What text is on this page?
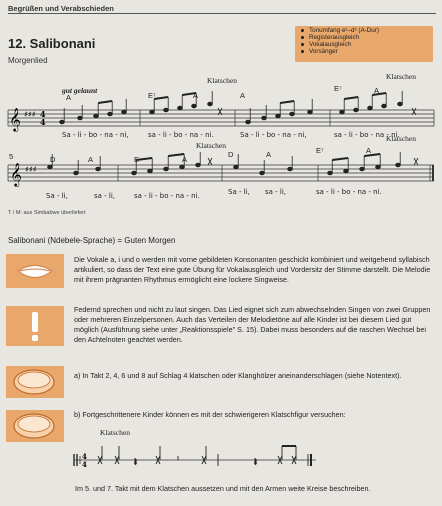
Begrüßen und Verabschieden
12. Salibonani
Morgenlied
Tonumfang e¹–d² (A-Dur)
Registerausgleich
Vokalausgleich
Vorsänger
𝄞 ♯♯♯ 4
4
𝄞 ♯♯♯
gut gelaunt
Klatschen	Klatschen
Klatschen
Klatschen
A	E⁷	A	A
E⁷	A
Sa - li - bo - na - ni,	sa - li - bo - na - ni.	Sa - li - bo - na - ni,	sa - li - bo - na - ni.
5	D	A	E	A
D	A	E⁷	A
Sa - li,	sa - li,	sa - li - bo - na - ni.	Sa - li, sa - li,	sa - li - bo - na - ni.
T / M: aus Simbabwe überliefert
Salibonani (Ndebele-Sprache) = Guten Morgen
Die Vokale a, i und o werden mit vorne gebildeten Konsonanten geschickt kombiniert und weitgehend syllabisch artikuliert, so dass der Text eine gute Übung für Vokalausgleich und Vordersitz der Stimme darstellt. Die Melodie mit ihrem prägnanten Rhythmus ermöglicht eine lockere Singweise.
Federnd sprechen und nicht zu laut singen. Das Lied eignet sich zum abwechselnden Singen von zwei Gruppen oder mehreren Einzelpersonen. Auch das Verteilen der Melodietöne auf alle Kinder ist bei diesem Lied gut möglich (Ausführung siehe unter „Reaktionsspiele" S. 15). Dabei muss besonders auf die raschen Wechsel bei den Achtelnoten geachtet werden.
a) In Takt 2, 4, 6 und 8 auf Schlag 4 klatschen oder Klanghölzer aneinanderschlagen (siehe Notentext).
b) Fortgeschrittenere Kinder können es mit der schwierigeren Klatschfigur versuchen:
Klatschen
4
4	𝄽	𝄽
Im 5. und 7. Takt mit dem Klatschen aussetzen und mit den Armen weite Kreise beschreiben.
